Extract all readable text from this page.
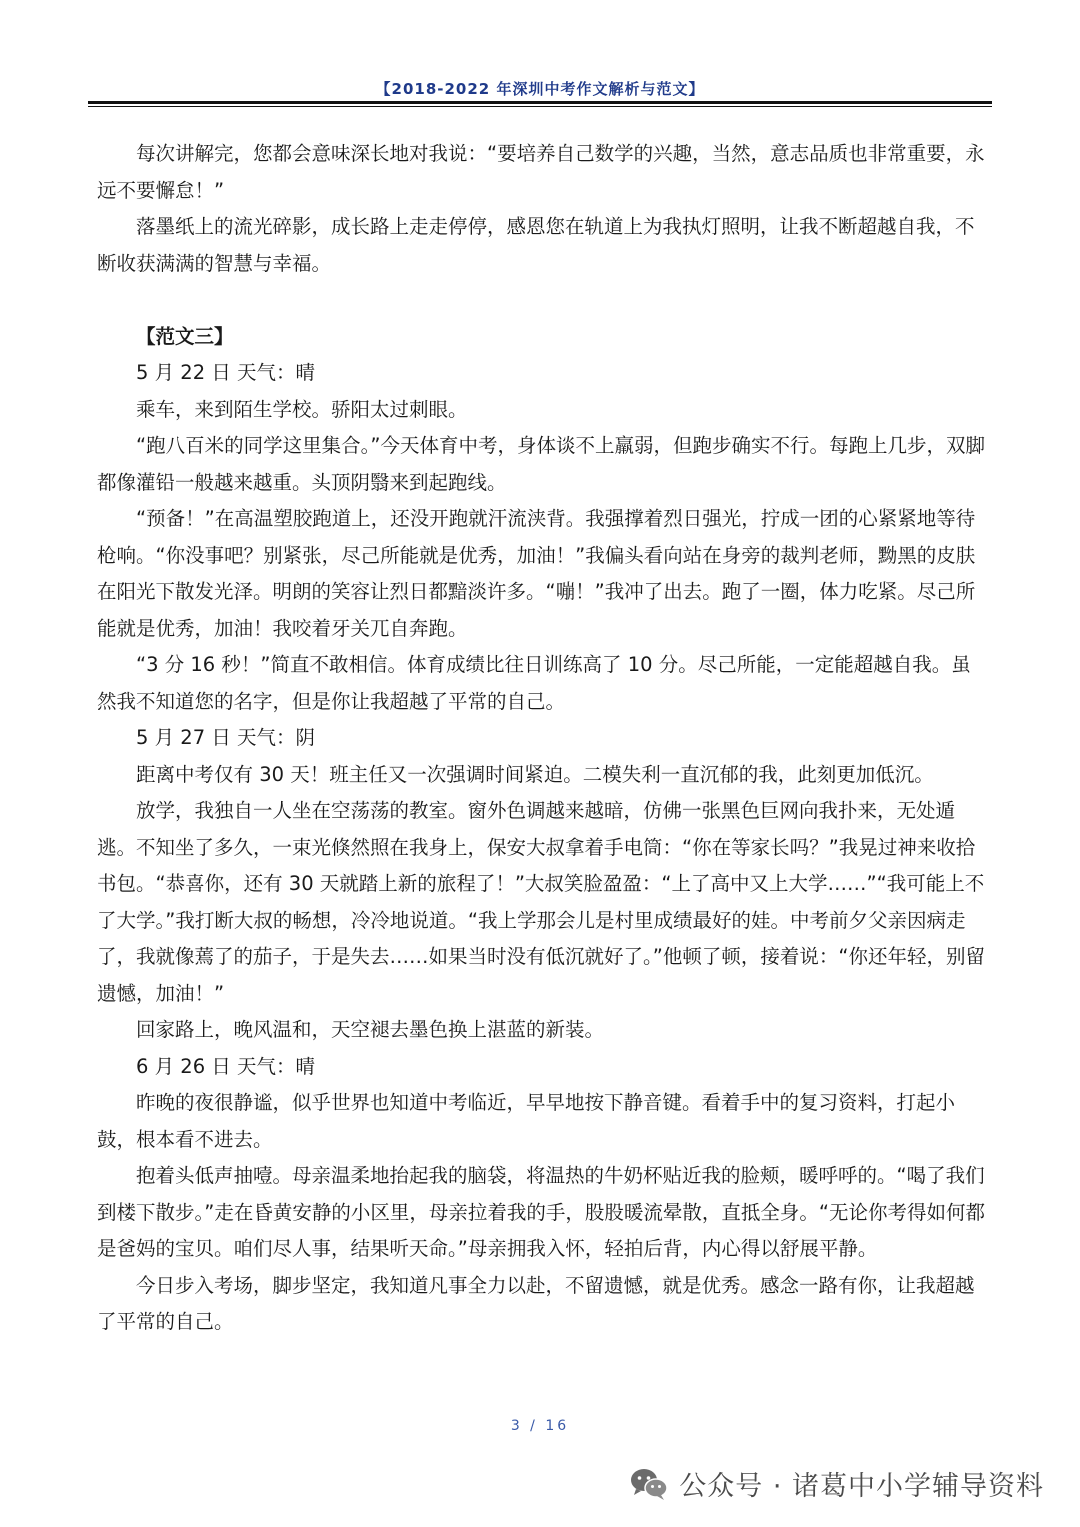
【2018-2022 年深圳中考作文解析与范文】

每次讲解完，您都会意味深长地对我说：“要培养自己数学的兴趣，当然，意志品质也非常重要，永远不要懈怠！”

落墨纸上的流光碎影，成长路上走走停停，感恩您在轨道上为我执灯照明，让我不断超越自我，不断收获满满的智慧与幸福。

【范文三】

5 月 22 日 天气：晴

乘车，来到陌生学校。骄阳太过刺眼。

“跑八百米的同学这里集合。”今天体育中考，身体谈不上羸弱，但跑步确实不行。每跑上几步，双脚都像灌铅一般越来越重。头顶阴翳来到起跑线。

“预备！”在高温塑胶跑道上，还没开跑就汗流浃背。我强撑着烈日强光，拧成一团的心紧紧地等待枪响。“你没事吧？别紧张，尽己所能就是优秀，加油！”我偏头看向站在身旁的裁判老师，黝黑的皮肤在阳光下散发光泽。明朗的笑容让烈日都黯淡许多。“嘣！”我冲了出去。跑了一圈，体力吃紧。尽己所能就是优秀，加油！我咬着牙关兀自奔跑。

“3 分 16 秒！”简直不敢相信。体育成绩比往日训练高了 10 分。尽己所能，一定能超越自我。虽然我不知道您的名字，但是你让我超越了平常的自己。

5 月 27 日 天气：阴

距离中考仅有 30 天！班主任又一次强调时间紧迫。二模失利一直沉郁的我，此刻更加低沉。

放学，我独自一人坐在空荡荡的教室。窗外色调越来越暗，仿佛一张黑色巨网向我扑来，无处遁逃。不知坐了多久，一束光倏然照在我身上，保安大叔拿着手电筒：“你在等家长吗？”我晃过神来收拾书包。“恭喜你，还有 30 天就踏上新的旅程了！”大叔笑脸盈盈：“上了高中又上大学……”“我可能上不了大学。”我打断大叔的畅想，冷冷地说道。“我上学那会儿是村里成绩最好的娃。中考前夕父亲因病走了，我就像蔫了的茄子，于是失去……如果当时没有低沉就好了。”他顿了顿，接着说：“你还年轻，别留遗憾，加油！”

回家路上，晚风温和，天空褪去墨色换上湛蓝的新装。

6 月 26 日 天气：晴

昨晚的夜很静谧，似乎世界也知道中考临近，早早地按下静音键。看着手中的复习资料，打起小鼓，根本看不进去。

抱着头低声抽噎。母亲温柔地抬起我的脑袋，将温热的牛奶杯贴近我的脸颊，暖呼呼的。“喝了我们到楼下散步。”走在昏黄安静的小区里，母亲拉着我的手，股股暖流晕散，直抵全身。“无论你考得如何都是爸妈的宝贝。咱们尽人事，结果听天命。”母亲拥我入怀，轻拍后背，内心得以舒展平静。

今日步入考场，脚步坚定，我知道凡事全力以赴，不留遗憾，就是优秀。感念一路有你，让我超越了平常的自己。

3 / 16
公众号 · 诸葛中小学辅导资料
